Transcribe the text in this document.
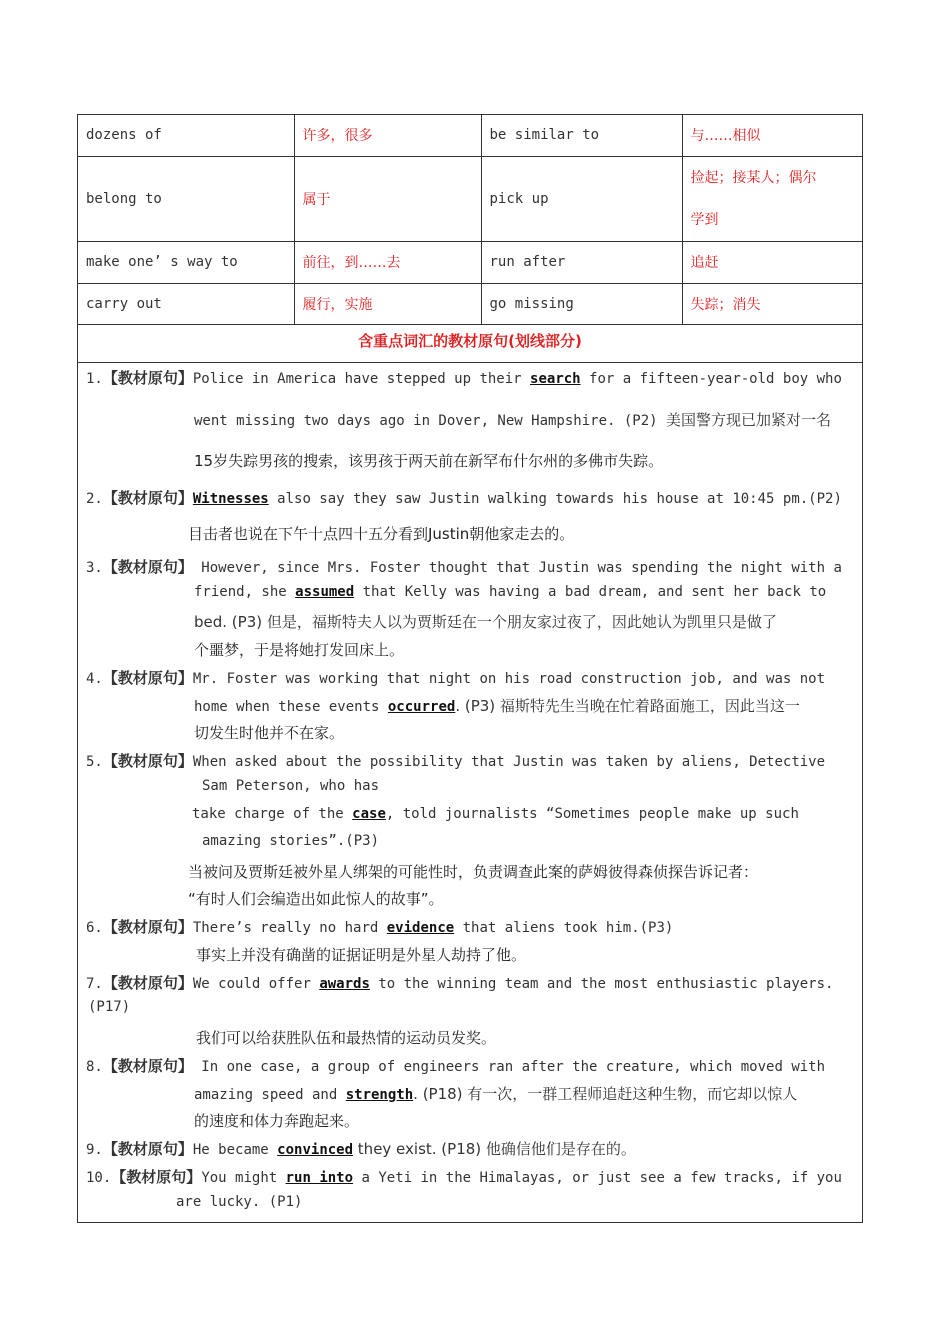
dozens of	许多，很多	be similar to	与……相似
belong to	属于	pick up	捡起；接某人；偶尔
学到

make one’ s way to	前往，到……去	run after	追赶
carry out	履行，实施	go missing	失踪；消失
含重点词汇的教材原句(划线部分)
1.【教材原句】Police in America have stepped up their search for a fifteen-year-old boy who
went missing two days ago in Dover, New Hampshire. (P2) 美国警方现已加紧对一名
15岁失踪男孩的搜索，该男孩于两天前在新罕布什尔州的多佛市失踪。
2.【教材原句】Witnesses also say they saw Justin walking towards his house at 10:45 pm.(P2)
目击者也说在下午十点四十五分看到Justin朝他家走去的。
3.【教材原句】 However, since Mrs. Foster thought that Justin was spending the night with a
friend, she assumed that Kelly was having a bad dream, and sent her back to
bed. (P3) 但是，福斯特夫人以为贾斯廷在一个朋友家过夜了，因此她认为凯里只是做了
个噩梦，于是将她打发回床上。
4.【教材原句】Mr. Foster was working that night on his road construction job, and was not
home when these events occurred. (P3) 福斯特先生当晚在忙着路面施工，因此当这一
切发生时他并不在家。
5.【教材原句】When asked about the possibility that Justin was taken by aliens, Detective
Sam Peterson, who has
take charge of the case, told journalists “Sometimes people make up such
amazing stories”.(P3)
当被问及贾斯廷被外星人绑架的可能性时，负责调查此案的萨姆彼得森侦探告诉记者：
“有时人们会编造出如此惊人的故事”。
6.【教材原句】There’s really no hard evidence that aliens took him.(P3)
事实上并没有确凿的证据证明是外星人劫持了他。
7.【教材原句】We could offer awards to the winning team and the most enthusiastic players.
(P17)
我们可以给获胜队伍和最热情的运动员发奖。
8.【教材原句】 In one case, a group of engineers ran after the creature, which moved with
amazing speed and strength. (P18) 有一次，一群工程师追赶这种生物，而它却以惊人
的速度和体力奔跑起来。
9.【教材原句】He became convinced they exist. (P18) 他确信他们是存在的。
10.【教材原句】You might run into a Yeti in the Himalayas, or just see a few tracks, if you
are lucky. (P1)
